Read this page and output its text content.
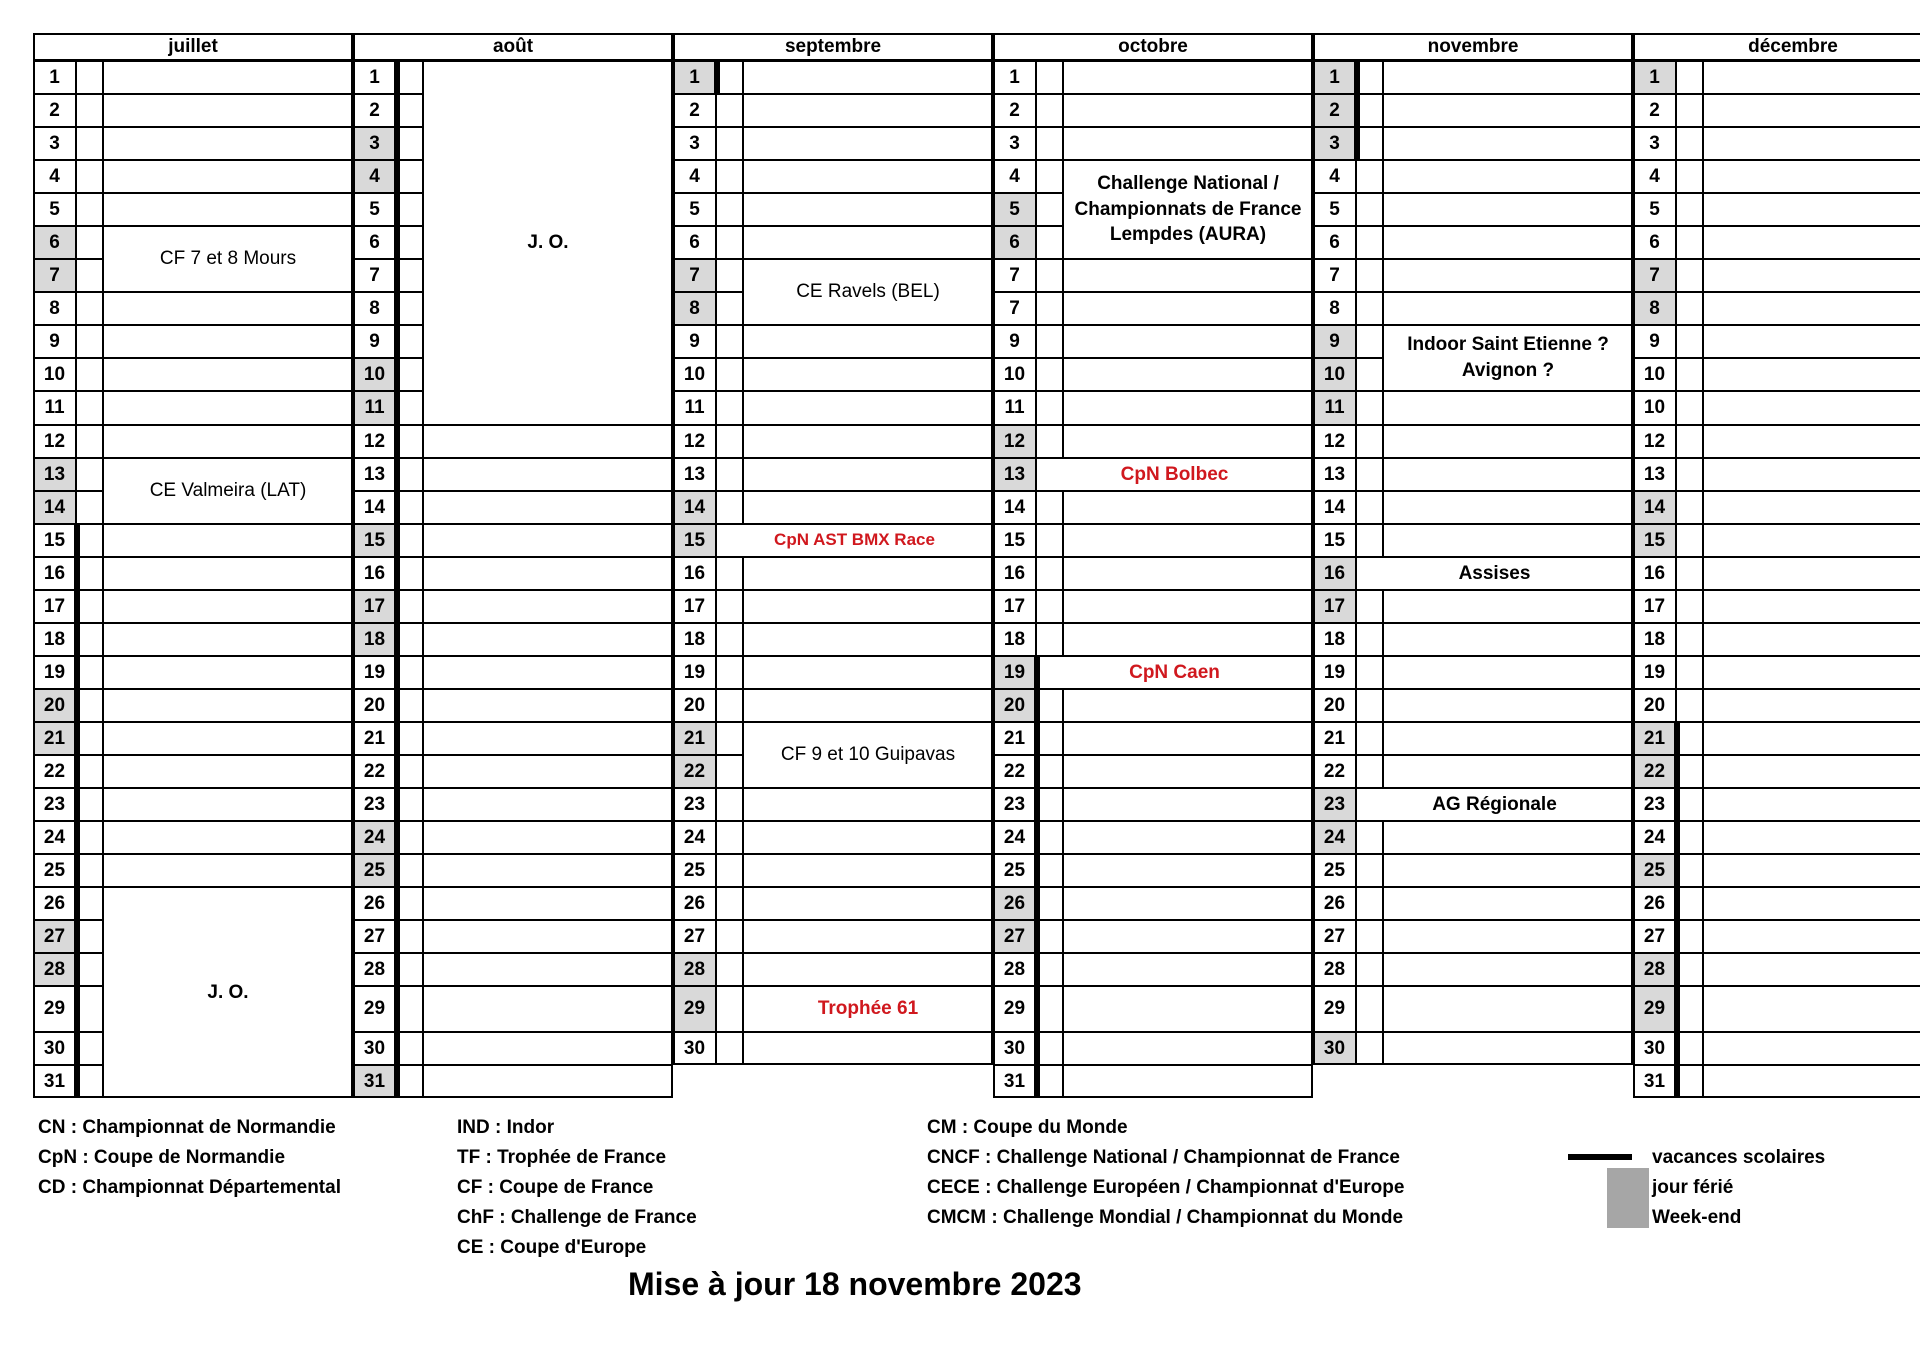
juillet
1
2
3
4
5
6
7
8
9
10
11
12
13
14
15
16
17
18
19
20
21
22
23
24
25
26
27
28
29
30
31
CF 7 et 8 Mours
CE Valmeira (LAT)
J. O.
août
1
2
3
4
5
6
7
8
9
10
11
12
13
14
15
16
17
18
19
20
21
22
23
24
25
26
27
28
29
30
31
J. O.
septembre
1
2
3
4
5
6
7
8
9
10
11
12
13
14
15
16
17
18
19
20
21
22
23
24
25
26
27
28
29
30
CE Ravels (BEL)
CpN AST BMX Race
CF 9 et 10 Guipavas
Trophée 61
octobre
1
2
3
4
5
6
7
7
9
10
11
12
13
14
15
16
17
18
19
20
21
22
23
24
25
26
27
28
29
30
31
Challenge National / Championnats de France Lempdes (AURA)
CpN Bolbec
CpN Caen
novembre
1
2
3
4
5
6
7
8
9
10
11
12
13
14
15
16
17
18
19
20
21
22
23
24
25
26
27
28
29
30
Indoor Saint Etienne ? Avignon ?
Assises
AG Régionale
décembre
1
2
3
4
5
6
7
8
9
10
10
12
13
14
15
16
17
18
19
20
21
22
23
24
25
26
27
28
29
30
31
CN : Championnat de Normandie
CpN : Coupe de Normandie
CD : Championnat Départemental
IND : Indor
TF : Trophée de France
CF : Coupe de France
ChF : Challenge de France
CE : Coupe d'Europe
CM : Coupe du Monde
CNCF : Challenge National / Championnat de France
CECE : Challenge Européen / Championnat d'Europe
CMCM : Challenge Mondial / Championnat du Monde
vacances scolaires
jour férié
Week-end
Mise à jour 18 novembre 2023
